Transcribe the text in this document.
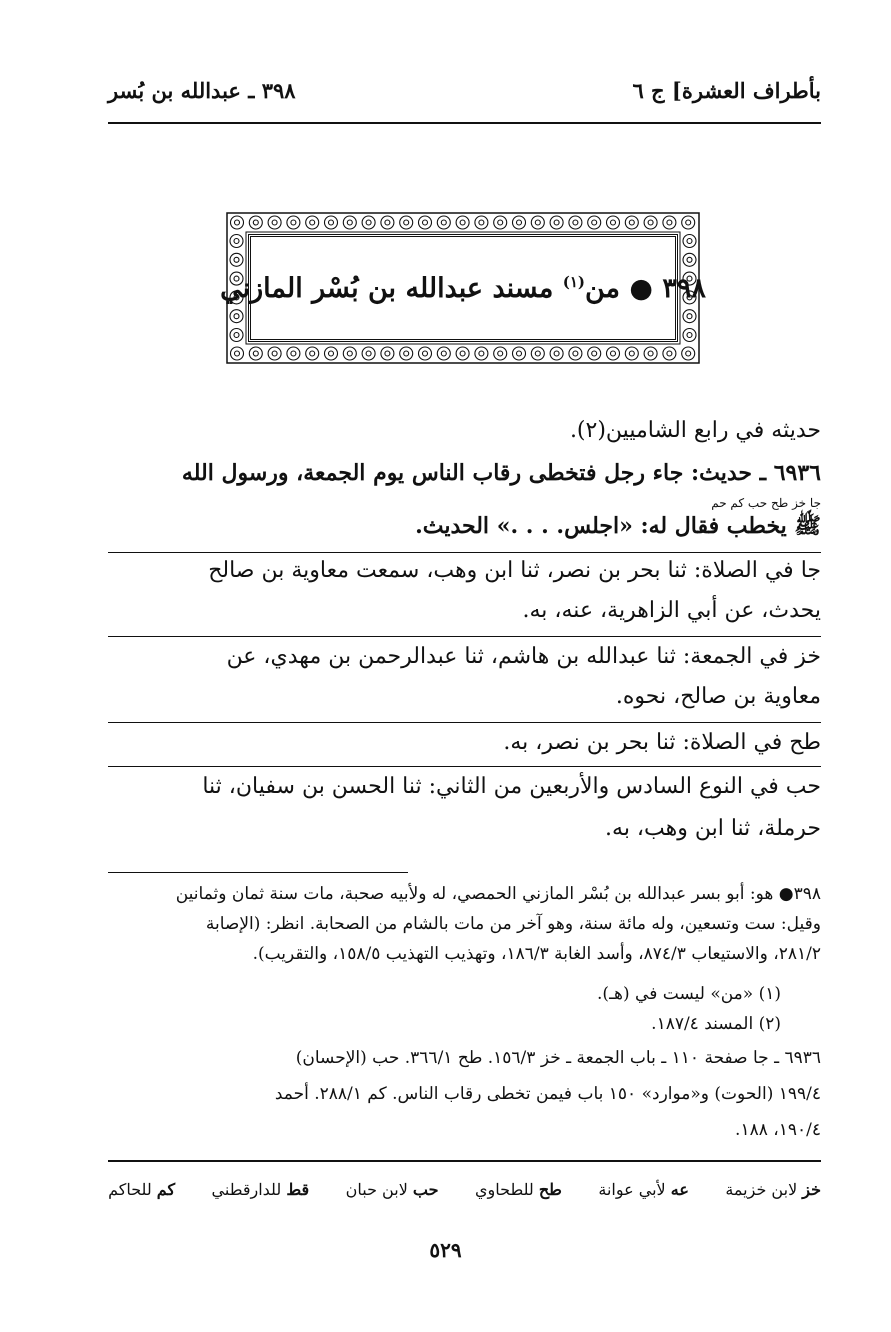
بأطراف العشرة] ج ٦
٣٩٨ ـ عبدالله بن بُسر
٣٩٨ ● من$^{(١)}$ مسند عبدالله بن بُسْر المازني
حديثه في رابع الشاميين(٢).
٦٩٣٦ ـ حديث: جاء رجل فتخطى رقاب الناس يوم الجمعة، ورسول الله
جا خز طح حب كم حم
ﷺ يخطب فقال له: «اجلس. . . .» الحديث.
جا في الصلاة: ثنا بحر بن نصر، ثنا ابن وهب، سمعت معاوية بن صالح
يحدث، عن أبي الزاهرية، عنه، به.
خز في الجمعة: ثنا عبدالله بن هاشم، ثنا عبدالرحمن بن مهدي، عن
معاوية بن صالح، نحوه.
طح في الصلاة: ثنا بحر بن نصر، به.
حب في النوع السادس والأربعين من الثاني: ثنا الحسن بن سفيان، ثنا
حرملة، ثنا ابن وهب، به.
٣٩٨● هو: أبو بسر عبدالله بن بُسْر المازني الحمصي، له ولأبيه صحبة، مات سنة ثمان وثمانين
وقيل: ست وتسعين، وله مائة سنة، وهو آخر من مات بالشام من الصحابة. انظر: (الإصابة
٢٨١/٢، والاستيعاب ٨٧٤/٣، وأسد الغابة ١٨٦/٣، وتهذيب التهذيب ١٥٨/٥، والتقريب).
(١) «من» ليست في (هـ).
(٢) المسند ١٨٧/٤.
٦٩٣٦ ـ جا صفحة ١١٠ ـ باب الجمعة ـ خز ١٥٦/٣. طح ٣٦٦/١. حب (الإحسان)
١٩٩/٤ (الحوت) و«موارد» ١٥٠ باب فيمن تخطى رقاب الناس. كم ٢٨٨/١. أحمد
١٩٠/٤، ١٨٨.
خز لابن خزيمة
عه لأبي عوانة
طح للطحاوي
حب لابن حبان
قط للدارقطني
كم للحاكم
٥٢٩
